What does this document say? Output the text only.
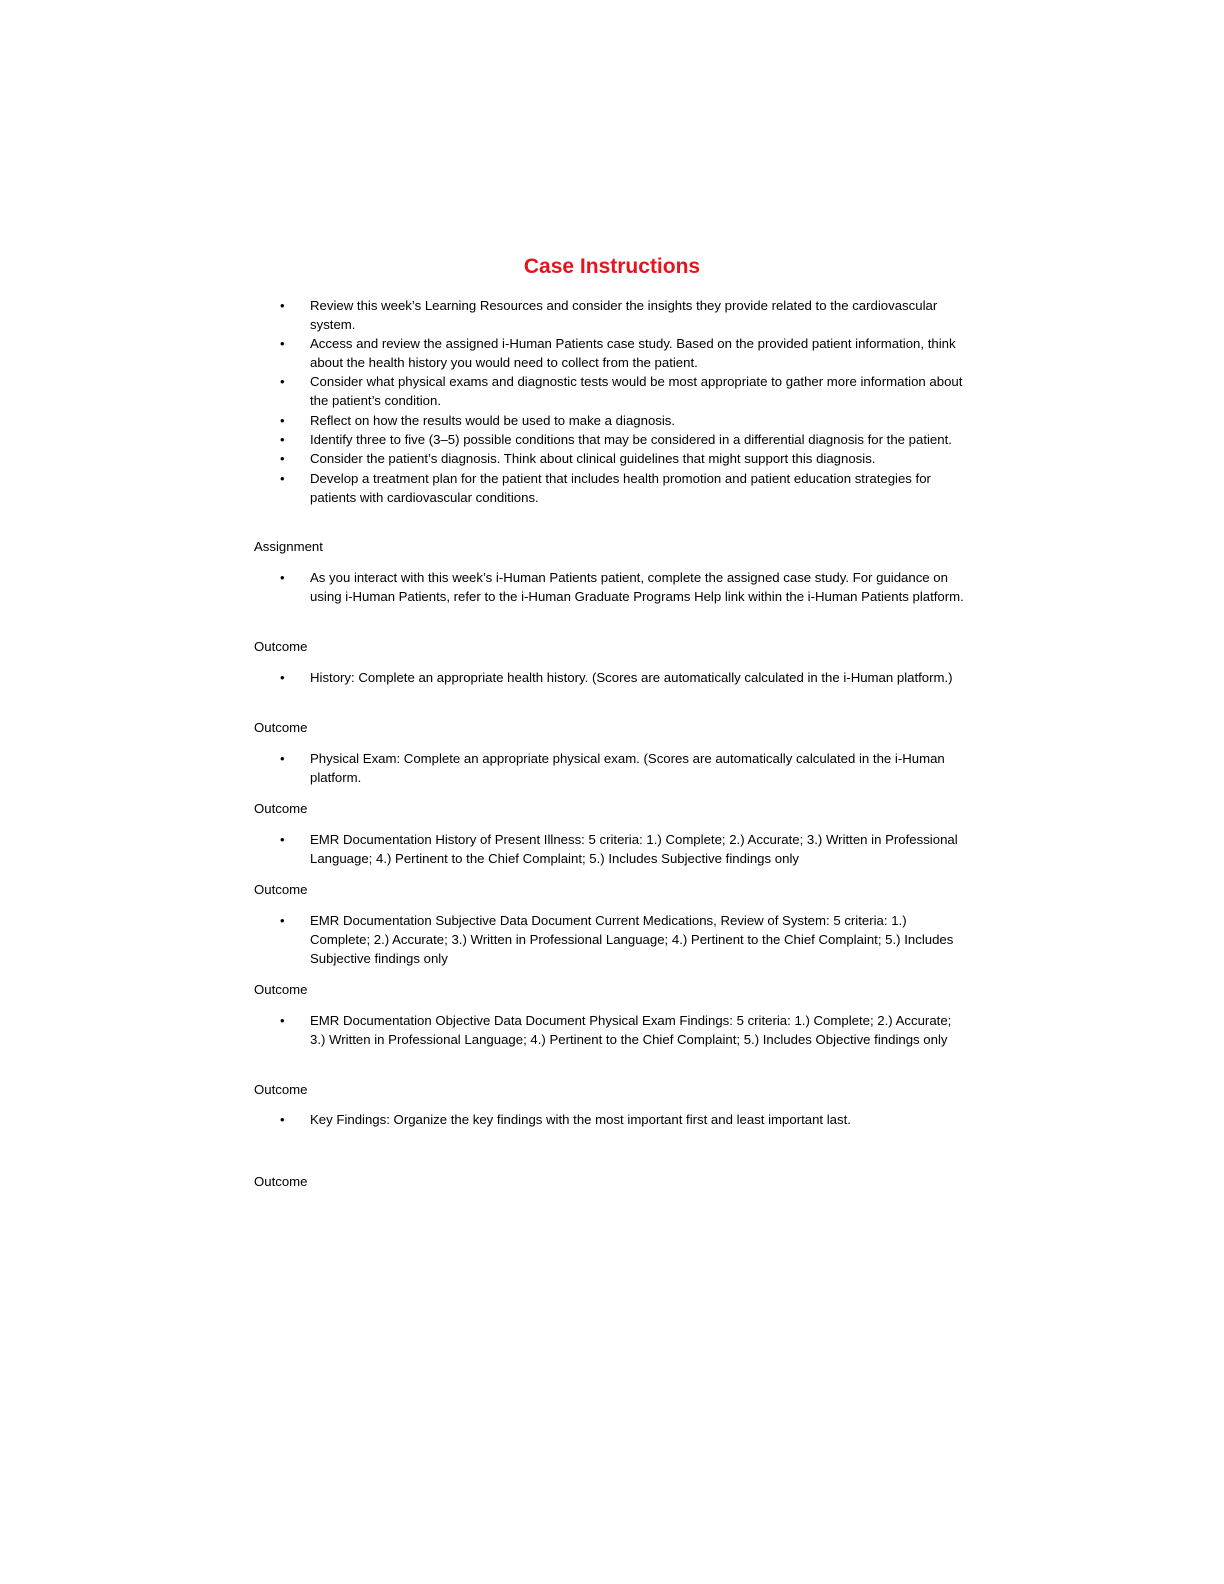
Case Instructions
•	Review this week’s Learning Resources and consider the insights they provide related to the cardiovascular system.
•	Access and review the assigned i-Human Patients case study. Based on the provided patient information, think about the health history you would need to collect from the patient.
•	Consider what physical exams and diagnostic tests would be most appropriate to gather more information about the patient’s condition.
•	Reflect on how the results would be used to make a diagnosis.
•	Identify three to five (3–5) possible conditions that may be considered in a differential diagnosis for the patient.
•	Consider the patient’s diagnosis. Think about clinical guidelines that might support this diagnosis.
•	Develop a treatment plan for the patient that includes health promotion and patient education strategies for patients with cardiovascular conditions.
Assignment
•	As you interact with this week’s i-Human Patients patient, complete the assigned case study. For guidance on using i-Human Patients, refer to the i-Human Graduate Programs Help link within the i-Human Patients platform.
Outcome
•	History: Complete an appropriate health history. (Scores are automatically calculated in the i-Human platform.)
Outcome
•	Physical Exam: Complete an appropriate physical exam. (Scores are automatically calculated in the i-Human platform.
Outcome
•	EMR Documentation History of Present Illness: 5 criteria: 1.) Complete; 2.) Accurate; 3.) Written in Professional Language; 4.) Pertinent to the Chief Complaint; 5.) Includes Subjective findings only
Outcome
•	EMR Documentation Subjective Data Document Current Medications, Review of System: 5 criteria: 1.) Complete; 2.) Accurate; 3.) Written in Professional Language; 4.) Pertinent to the Chief Complaint; 5.) Includes Subjective findings only
Outcome
•	EMR Documentation Objective Data Document Physical Exam Findings: 5 criteria: 1.) Complete; 2.) Accurate; 3.) Written in Professional Language; 4.) Pertinent to the Chief Complaint; 5.) Includes Objective findings only
Outcome
•	Key Findings: Organize the key findings with the most important first and least important last.
Outcome
